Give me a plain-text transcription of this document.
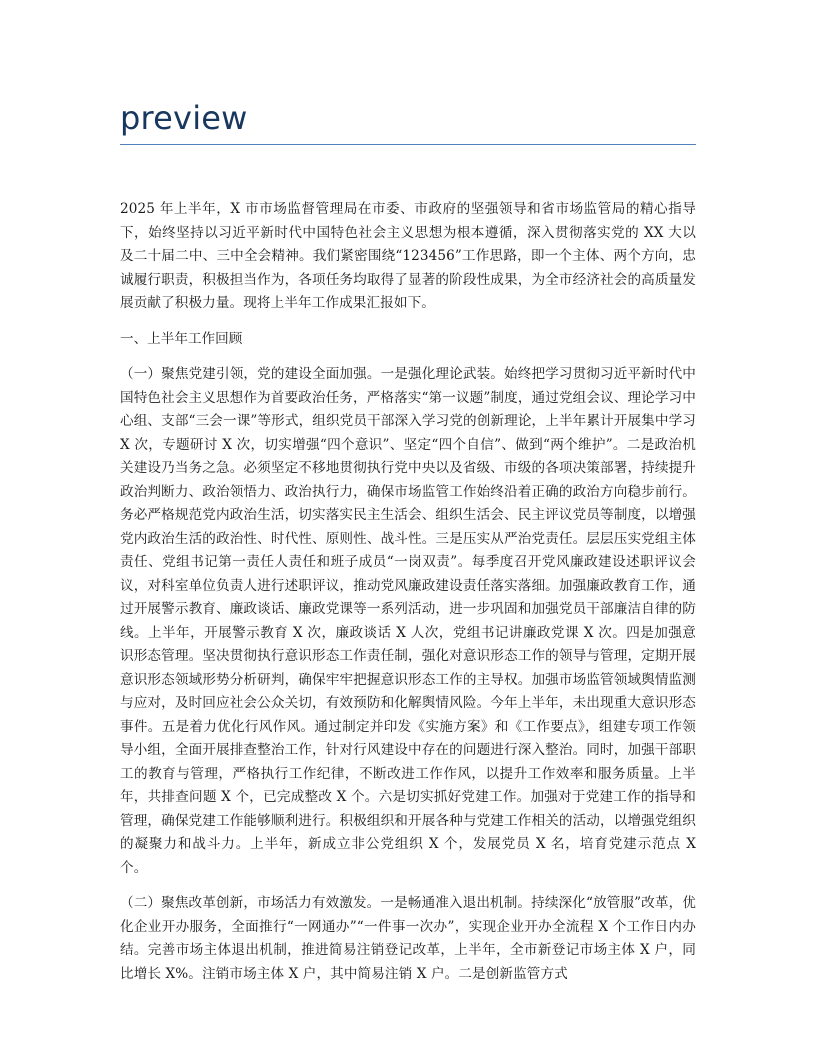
preview

2025 年上半年，X 市市场监督管理局在市委、市政府的坚强领导和省市场监管局的精心指导下，始终坚持以习近平新时代中国特色社会主义思想为根本遵循，深入贯彻落实党的 XX 大以及二十届二中、三中全会精神。我们紧密围绕“123456”工作思路，即一个主体、两个方向，忠诚履行职责，积极担当作为，各项任务均取得了显著的阶段性成果，为全市经济社会的高质量发展贡献了积极力量。现将上半年工作成果汇报如下。

一、上半年工作回顾

（一）聚焦党建引领，党的建设全面加强。一是强化理论武装。始终把学习贯彻习近平新时代中国特色社会主义思想作为首要政治任务，严格落实“第一议题”制度，通过党组会议、理论学习中心组、支部“三会一课”等形式，组织党员干部深入学习党的创新理论，上半年累计开展集中学习 X 次，专题研讨 X 次，切实增强“四个意识”、坚定“四个自信”、做到“两个维护”。二是政治机关建设乃当务之急。必须坚定不移地贯彻执行党中央以及省级、市级的各项决策部署，持续提升政治判断力、政治领悟力、政治执行力，确保市场监管工作始终沿着正确的政治方向稳步前行。务必严格规范党内政治生活，切实落实民主生活会、组织生活会、民主评议党员等制度，以增强党内政治生活的政治性、时代性、原则性、战斗性。三是压实从严治党责任。层层压实党组主体责任、党组书记第一责任人责任和班子成员“一岗双责”。每季度召开党风廉政建设述职评议会议，对科室单位负责人进行述职评议，推动党风廉政建设责任落实落细。加强廉政教育工作，通过开展警示教育、廉政谈话、廉政党课等一系列活动，进一步巩固和加强党员干部廉洁自律的防线。上半年，开展警示教育 X 次，廉政谈话 X 人次，党组书记讲廉政党课 X 次。四是加强意识形态管理。坚决贯彻执行意识形态工作责任制，强化对意识形态工作的领导与管理，定期开展意识形态领域形势分析研判，确保牢牢把握意识形态工作的主导权。加强市场监管领域舆情监测与应对，及时回应社会公众关切，有效预防和化解舆情风险。今年上半年，未出现重大意识形态事件。五是着力优化行风作风。通过制定并印发《实施方案》和《工作要点》，组建专项工作领导小组，全面开展排查整治工作，针对行风建设中存在的问题进行深入整治。同时，加强干部职工的教育与管理，严格执行工作纪律，不断改进工作作风，以提升工作效率和服务质量。上半年，共排查问题 X 个，已完成整改 X 个。六是切实抓好党建工作。加强对于党建工作的指导和管理，确保党建工作能够顺利进行。积极组织和开展各种与党建工作相关的活动，以增强党组织的凝聚力和战斗力。上半年，新成立非公党组织 X 个，发展党员 X 名，培育党建示范点 X 个。

（二）聚焦改革创新，市场活力有效激发。一是畅通准入退出机制。持续深化“放管服”改革，优化企业开办服务，全面推行“一网通办”“一件事一次办”，实现企业开办全流程 X 个工作日内办结。完善市场主体退出机制，推进简易注销登记改革，上半年，全市新登记市场主体 X 户，同比增长 X%。注销市场主体 X 户，其中简易注销 X 户。二是创新监管方式
